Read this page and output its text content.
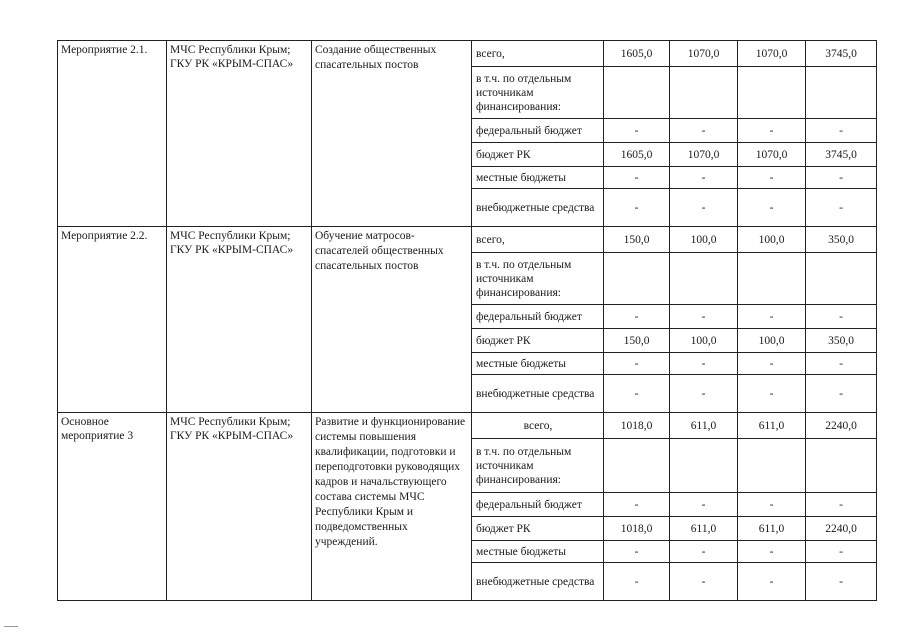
Мероприятие 2.1.	МЧС Республики Крым; ГКУ РК «КРЫМ-СПАС»	Создание общественных спасательных постов	всего,	1605,0	1070,0	1070,0	3745,0
			в т.ч. по отдельным источникам финансирования:				
			федеральный бюджет	-	-	-	-
			бюджет РК	1605,0	1070,0	1070,0	3745,0
			местные бюджеты	-	-	-	-
			внебюджетные средства	-	-	-	-
Мероприятие 2.2.	МЧС Республики Крым; ГКУ РК «КРЫМ-СПАС»	Обучение матросов-спасателей общественных спасательных постов	всего,	150,0	100,0	100,0	350,0
			в т.ч. по отдельным источникам финансирования:				
			федеральный бюджет	-	-	-	-
			бюджет РК	150,0	100,0	100,0	350,0
			местные бюджеты	-	-	-	-
			внебюджетные средства	-	-	-	-
Основное мероприятие 3	МЧС Республики Крым; ГКУ РК «КРЫМ-СПАС»	Развитие и функционирование системы повышения квалификации, подготовки и переподготовки руководящих кадров и начальствующего состава системы МЧС Республики Крым и подведомственных учреждений.	всего,	1018,0	611,0	611,0	2240,0
			в т.ч. по отдельным источникам финансирования:				
			федеральный бюджет	-	-	-	-
			бюджет РК	1018,0	611,0	611,0	2240,0
			местные бюджеты	-	-	-	-
			внебюджетные средства	-	-	-	-
